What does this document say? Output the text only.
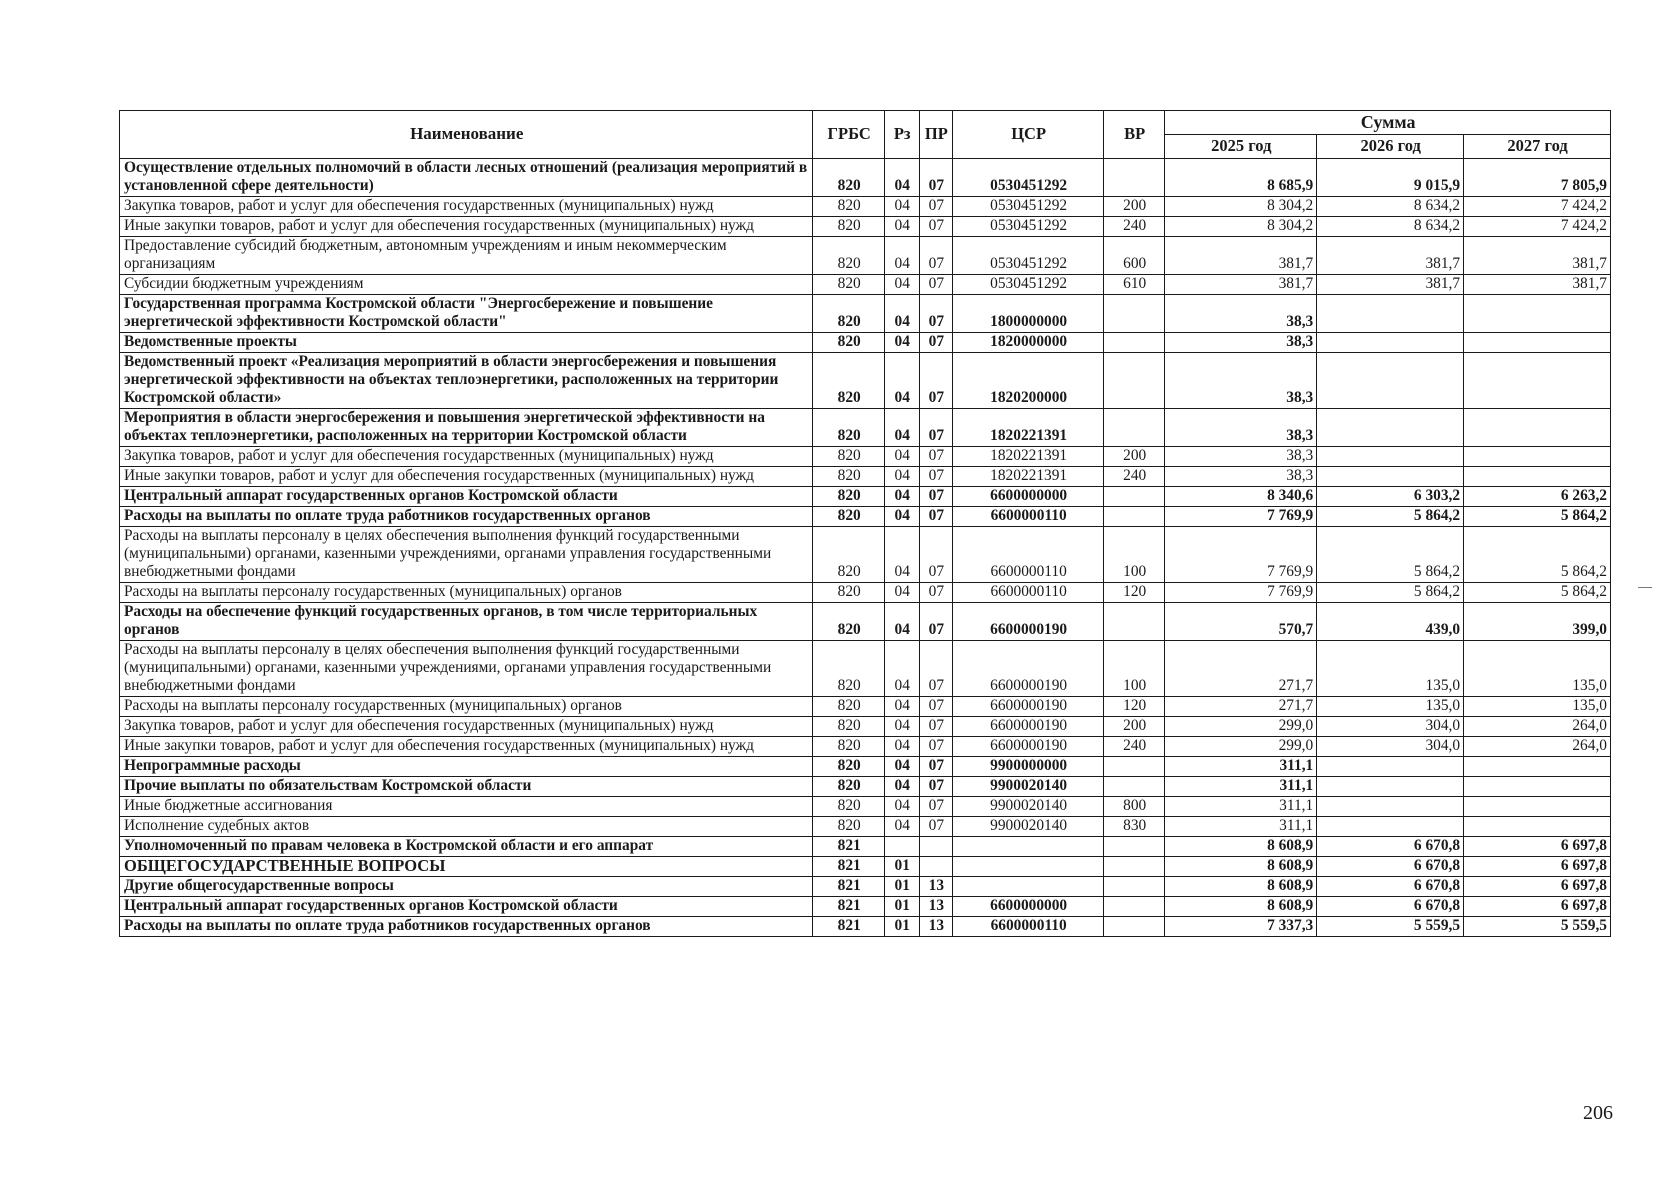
Наименование	ГРБС	Рз	ПР	ЦСР	ВР	Сумма		
						2025 год	2026 год	2027 год
Осуществление отдельных полномочий в области лесных отношений (реализация мероприятий в установленной сфере деятельности)	820	04	07	0530451292		8 685,9	9 015,9	7 805,9
Закупка товаров, работ и услуг для обеспечения государственных (муниципальных) нужд	820	04	07	0530451292	200	8 304,2	8 634,2	7 424,2
Иные закупки товаров, работ и услуг для обеспечения государственных (муниципальных) нужд	820	04	07	0530451292	240	8 304,2	8 634,2	7 424,2
Предоставление субсидий бюджетным, автономным учреждениям и иным некоммерческим организациям	820	04	07	0530451292	600	381,7	381,7	381,7
Субсидии бюджетным учреждениям	820	04	07	0530451292	610	381,7	381,7	381,7
Государственная программа Костромской области "Энергосбережение и повышение энергетической эффективности Костромской области"	820	04	07	1800000000		38,3		
Ведомственные проекты	820	04	07	1820000000		38,3		
Ведомственный проект «Реализация мероприятий в области энергосбережения и повышения энергетической эффективности на объектах теплоэнергетики, расположенных на территории Костромской области»	820	04	07	1820200000		38,3		
Мероприятия в области энергосбережения и повышения энергетической эффективности на объектах теплоэнергетики, расположенных на территории Костромской области	820	04	07	1820221391		38,3		
Закупка товаров, работ и услуг для обеспечения государственных (муниципальных) нужд	820	04	07	1820221391	200	38,3		
Иные закупки товаров, работ и услуг для обеспечения государственных (муниципальных) нужд	820	04	07	1820221391	240	38,3		
Центральный аппарат государственных органов Костромской области	820	04	07	6600000000		8 340,6	6 303,2	6 263,2
Расходы на выплаты по оплате труда работников государственных органов	820	04	07	6600000110		7 769,9	5 864,2	5 864,2
Расходы на выплаты персоналу в целях обеспечения выполнения функций государственными (муниципальными) органами, казенными учреждениями, органами управления государственными внебюджетными фондами	820	04	07	6600000110	100	7 769,9	5 864,2	5 864,2
Расходы на выплаты персоналу государственных (муниципальных) органов	820	04	07	6600000110	120	7 769,9	5 864,2	5 864,2
Расходы на обеспечение функций государственных органов, в том числе территориальных органов	820	04	07	6600000190		570,7	439,0	399,0
Расходы на выплаты персоналу в целях обеспечения выполнения функций государственными (муниципальными) органами, казенными учреждениями, органами управления государственными внебюджетными фондами	820	04	07	6600000190	100	271,7	135,0	135,0
Расходы на выплаты персоналу государственных (муниципальных) органов	820	04	07	6600000190	120	271,7	135,0	135,0
Закупка товаров, работ и услуг для обеспечения государственных (муниципальных) нужд	820	04	07	6600000190	200	299,0	304,0	264,0
Иные закупки товаров, работ и услуг для обеспечения государственных (муниципальных) нужд	820	04	07	6600000190	240	299,0	304,0	264,0
Непрограммные расходы	820	04	07	9900000000		311,1		
Прочие выплаты по обязательствам Костромской области	820	04	07	9900020140		311,1		
Иные бюджетные ассигнования	820	04	07	9900020140	800	311,1		
Исполнение судебных актов	820	04	07	9900020140	830	311,1		
Уполномоченный по правам человека в Костромской области и его аппарат	821					8 608,9	6 670,8	6 697,8
ОБЩЕГОСУДАРСТВЕННЫЕ ВОПРОСЫ	821	01				8 608,9	6 670,8	6 697,8
Другие общегосударственные вопросы	821	01	13			8 608,9	6 670,8	6 697,8
Центральный аппарат государственных органов Костромской области	821	01	13	6600000000		8 608,9	6 670,8	6 697,8
Расходы на выплаты по оплате труда работников государственных органов	821	01	13	6600000110		7 337,3	5 559,5	5 559,5
206
